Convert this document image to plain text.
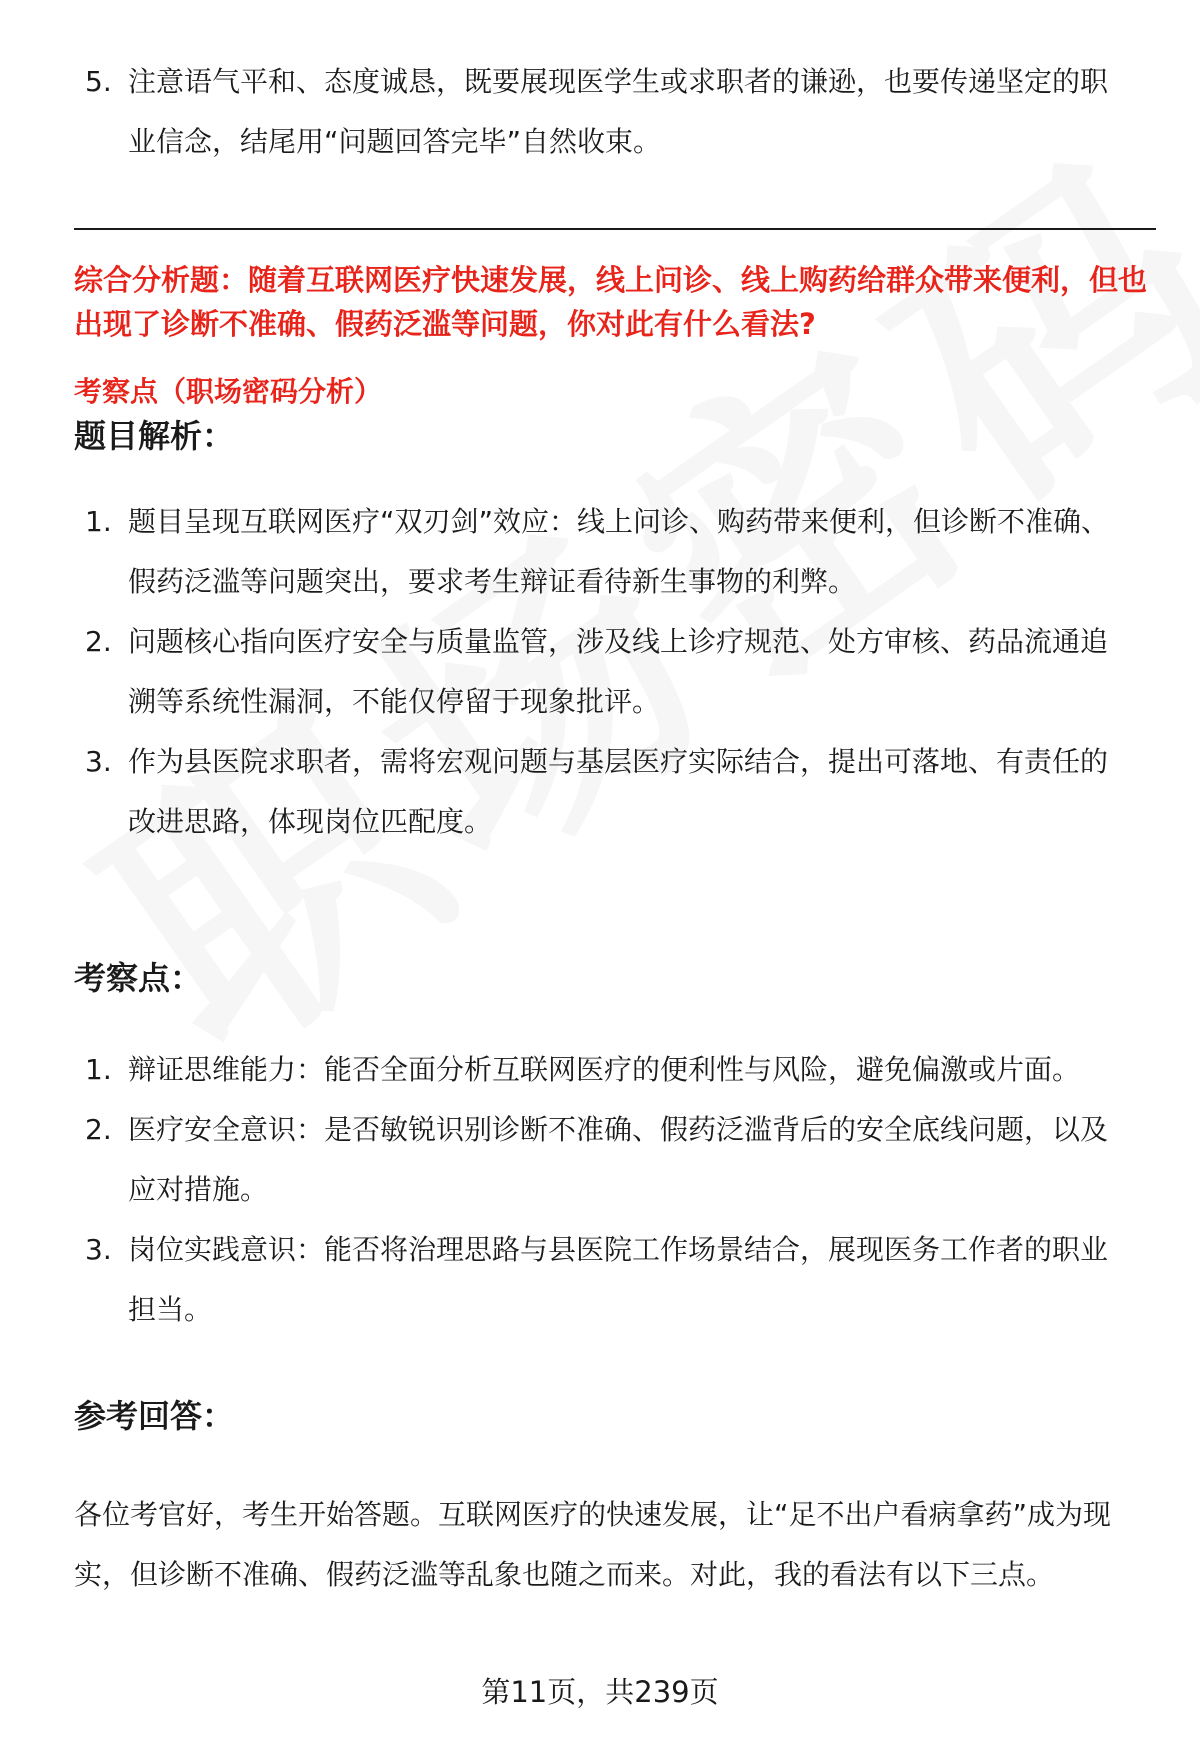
5. 注意语气平和、态度诚恳，既要展现医学生或求职者的谦逊，也要传递坚定的职业信念，结尾用“问题回答完毕”自然收束。
综合分析题：随着互联网医疗快速发展，线上问诊、线上购药给群众带来便利，但也出现了诊断不准确、假药泛滥等问题，你对此有什么看法?
考察点（职场密码分析）
题目解析：
1. 题目呈现互联网医疗“双刃剑”效应：线上问诊、购药带来便利，但诊断不准确、假药泛滥等问题突出，要求考生辩证看待新生事物的利弊。
2. 问题核心指向医疗安全与质量监管，涉及线上诊疗规范、处方审核、药品流通追溯等系统性漏洞，不能仅停留于现象批评。
3. 作为县医院求职者，需将宏观问题与基层医疗实际结合，提出可落地、有责任的改进思路，体现岗位匹配度。
考察点：
1. 辩证思维能力：能否全面分析互联网医疗的便利性与风险，避免偏激或片面。
2. 医疗安全意识：是否敏锐识别诊断不准确、假药泛滥背后的安全底线问题，以及应对措施。
3. 岗位实践意识：能否将治理思路与县医院工作场景结合，展现医务工作者的职业担当。
参考回答：
各位考官好，考生开始答题。互联网医疗的快速发展，让“足不出户看病拿药”成为现实，但诊断不准确、假药泛滥等乱象也随之而来。对此，我的看法有以下三点。
第11页，共239页
